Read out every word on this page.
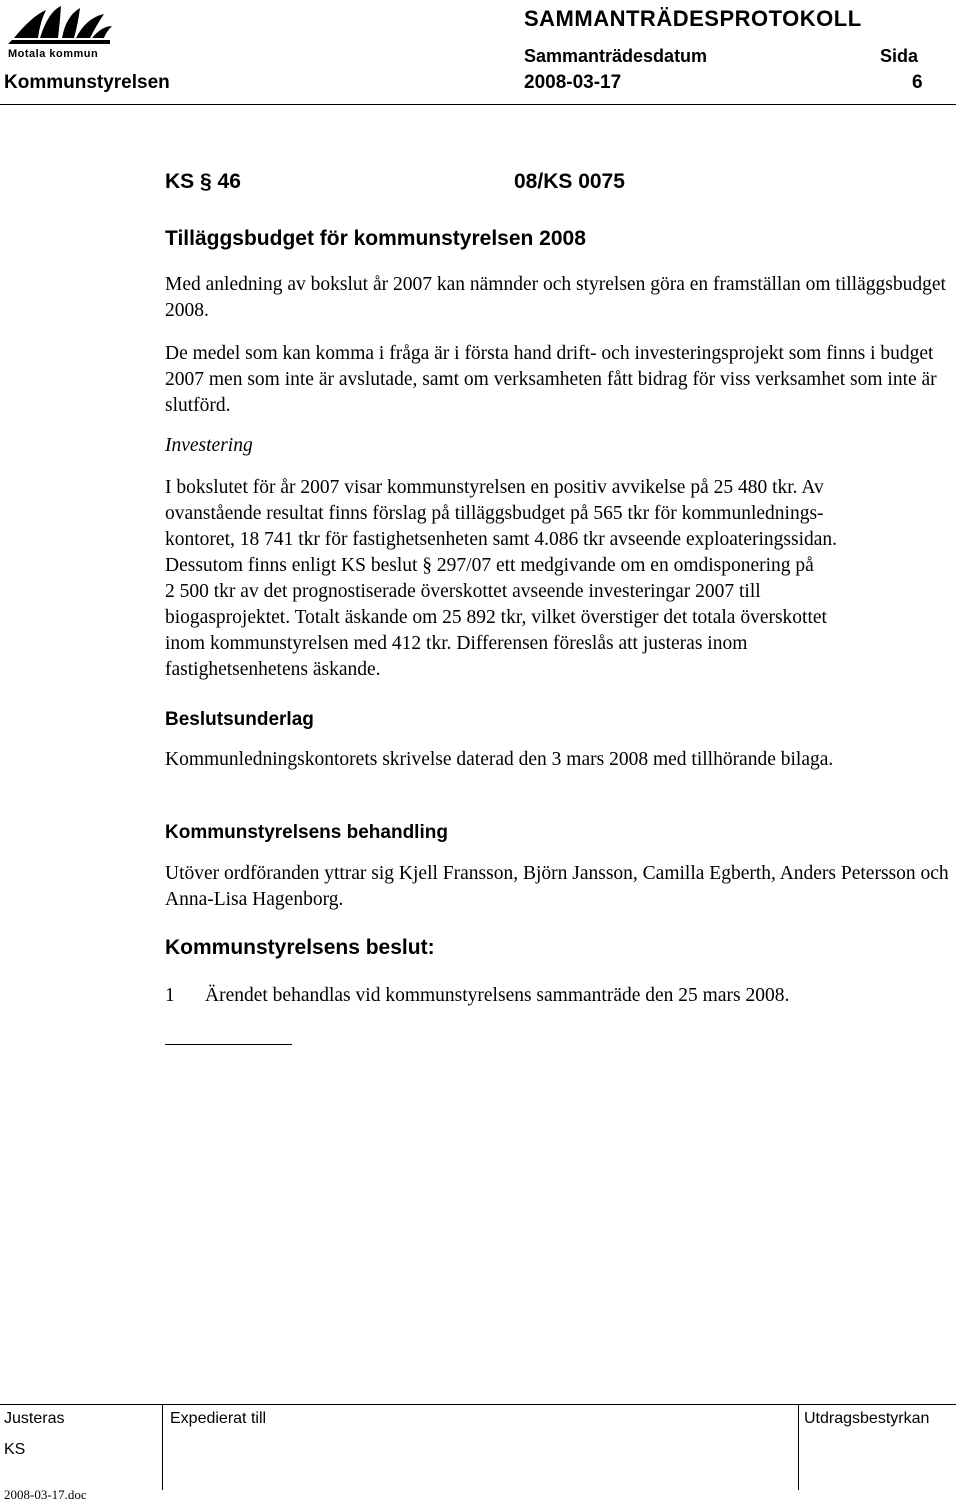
Motala kommun
SAMMANTRÄDESPROTOKOLL
Sammanträdesdatum	Sida
Kommunstyrelsen	2008-03-17	6
KS § 46	08/KS 0075
Tilläggsbudget för kommunstyrelsen 2008

Med anledning av bokslut år 2007 kan nämnder och styrelsen göra en framställan om tilläggsbudget 2008.

De medel som kan komma i fråga är i första hand drift- och investeringsprojekt som finns i budget 2007 men som inte är avslutade, samt om verksamheten fått bidrag för viss verksamhet som inte är slutförd.

Investering

I bokslutet för år 2007 visar kommunstyrelsen en positiv avvikelse på 25 480 tkr. Av
ovanstående resultat finns förslag på tilläggsbudget på 565 tkr för kommunlednings-
kontoret, 18 741 tkr för fastighetsenheten samt 4.086 tkr avseende exploateringssidan.
Dessutom finns enligt KS beslut § 297/07 ett medgivande om en omdisponering på
2 500 tkr av det prognostiserade överskottet avseende investeringar 2007 till
biogasprojektet. Totalt äskande om 25 892 tkr, vilket överstiger det totala överskottet
inom kommunstyrelsen med 412 tkr. Differensen föreslås att justeras inom
fastighetsenhetens äskande.

Beslutsunderlag

Kommunledningskontorets skrivelse daterad den 3 mars 2008 med tillhörande bilaga.

Kommunstyrelsens behandling

Utöver ordföranden yttrar sig Kjell Fransson, Björn Jansson, Camilla Egberth, Anders Petersson och Anna-Lisa Hagenborg.

Kommunstyrelsens beslut:
1 Ärendet behandlas vid kommunstyrelsens sammanträde den 25 mars 2008.
Justeras	Expedierat till	Utdragsbestyrkan
KS
2008-03-17.doc
